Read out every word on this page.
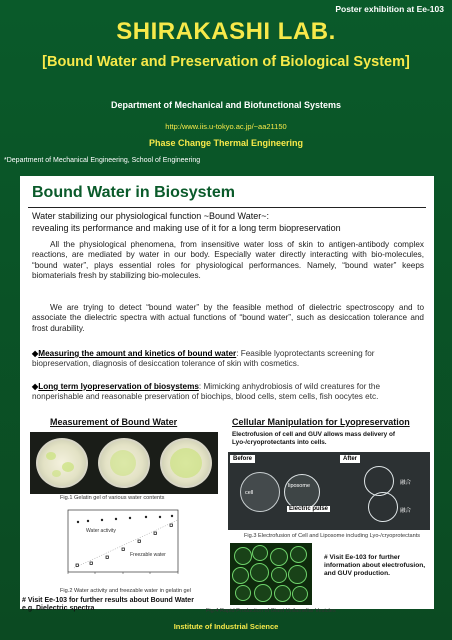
Poster exhibition at Ee-103
SHIRAKASHI LAB.
[Bound Water and Preservation of Biological System]
Department of Mechanical and Biofunctional Systems
http:/www.iis.u-tokyo.ac.jp/~aa21150
Phase Change Thermal Engineering
*Department of Mechanical Engineering, School of Engineering
Bound Water in Biosystem
Water stabilizing our physiological function ~Bound Water~:
revealing its performance and making use of it for a long term biopreservation
All the physiological phenomena, from insensitive water loss of skin to antigen-antibody complex reactions, are mediated by water in our body. Especially water directly interacting with bio-molecules, “bound water”, plays essential roles for physiological performances. Namely, “bound water” keeps biomaterials fresh by stabilizing bio-molecules.
We are trying to detect “bound water” by the feasible method of dielectric spectroscopy and to associate the dielectric spectra with actual functions of “bound water”, such as desiccation tolerance and frost durability.
◆Measuring the amount and kinetics of bound water: Feasible lyoprotectants screening for biopreservation, diagnosis of desiccation tolerance of skin with cosmetics.
◆Long term lyopreservation of biosystems: Mimicking anhydrobiosis of wild creatures for the nonperishable and reasonable preservation of biochips, blood cells, stem cells, fish oocytes etc.
Measurement of Bound Water	Cellular Manipulation for Lyopreservation
Fig.1 Gelatin gel of various water contents
Water activity
Freezable water
Fig.2 Water activity and freezable water in gelatin gel
# Visit Ee-103 for further results about Bound Water
e.g. Dielectric spectra
Electrofusion of cell and GUV allows mass delivery of Lyo-/cryoprotectants into cells.
Before
cell
liposome
After
融合
融合
Electric pulse
Fig.3 Electrofusion of Cell and Liposome including Lyo-/cryoprotectants
# Visit Ee-103 for further information about electrofusion, and GUV production.
Fig.4 Rapid Production of Giant Unilamellar Vesicles
Institute of Industrial Science
